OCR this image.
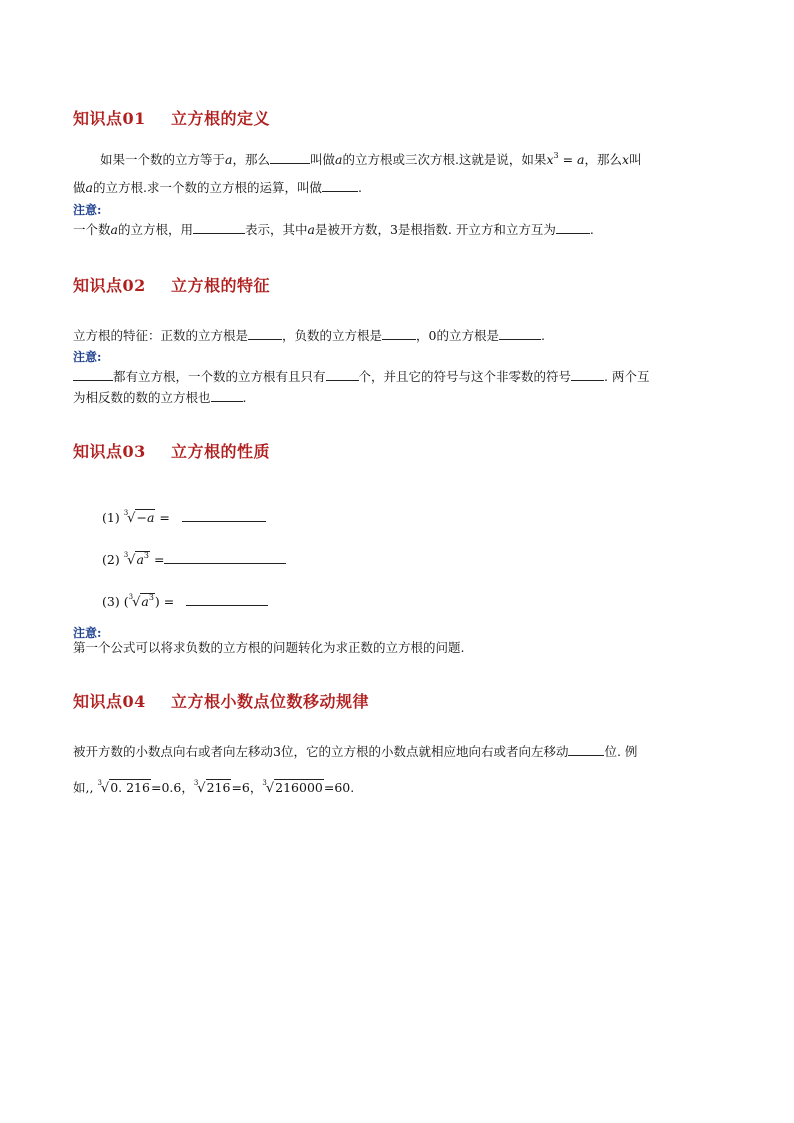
知识点01 立方根的定义
如果一个数的立方等于a，那么	叫做a的立方根或三次方根.这就是说，如果$x^3 = a$，那么x叫
做a的立方根.求一个数的立方根的运算，叫做	.
注意:
一个数a的立方根，用	表示，其中a是被开方数，3是根指数. 开立方和立方互为	.
知识点02 立方根的特征
立方根的特征：正数的立方根是	，负数的立方根是	，0的立方根是	.
注意:
都有立方根，一个数的立方根有且只有	个，并且它的符号与这个非零数的符号	. 两个互
为相反数的数的立方根也	.
知识点03 立方根的性质
(1) $^3$√−a =
(2) $^3√a^3$ =
(3) $(^3√a^3)$ =
注意:
第一个公式可以将求负数的立方根的问题转化为求正数的立方根的问题.
知识点04 立方根小数点位数移动规律
被开方数的小数点向右或者向左移动3位，它的立方根的小数点就相应地向右或者向左移动	位. 例
如,, $^3$√0. 216=0.6，$^3$√216=6，$^3$√216000=60.
